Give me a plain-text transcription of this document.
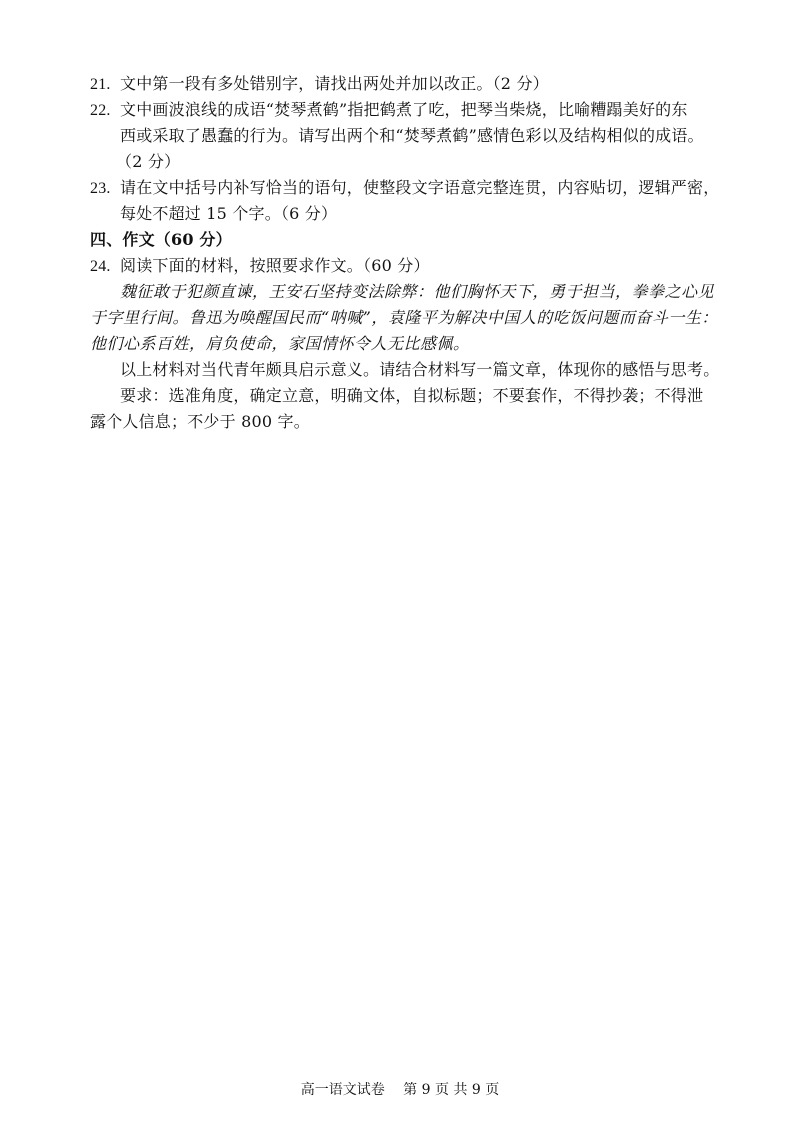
21. 文中第一段有多处错别字，请找出两处并加以改正。（2 分）
22. 文中画波浪线的成语“焚琴煮鹤”指把鹤煮了吃，把琴当柴烧，比喻糟蹋美好的东
西或采取了愚蠢的行为。请写出两个和“焚琴煮鹤”感情色彩以及结构相似的成语。
（2 分）
23. 请在文中括号内补写恰当的语句，使整段文字语意完整连贯，内容贴切，逻辑严密，
每处不超过 15 个字。（6 分）
四、作文（60 分）
24. 阅读下面的材料，按照要求作文。（60 分）
魏征敢于犯颜直谏，王安石坚持变法除弊：他们胸怀天下，勇于担当，拳拳之心见
于字里行间。鲁迅为唤醒国民而“呐喊”，袁隆平为解决中国人的吃饭问题而奋斗一生：
他们心系百姓，肩负使命，家国情怀令人无比感佩。
以上材料对当代青年颇具启示意义。请结合材料写一篇文章，体现你的感悟与思考。
要求：选准角度，确定立意，明确文体，自拟标题；不要套作，不得抄袭；不得泄
露个人信息；不少于 800 字。
高一语文试卷　 第 9 页 共 9 页
